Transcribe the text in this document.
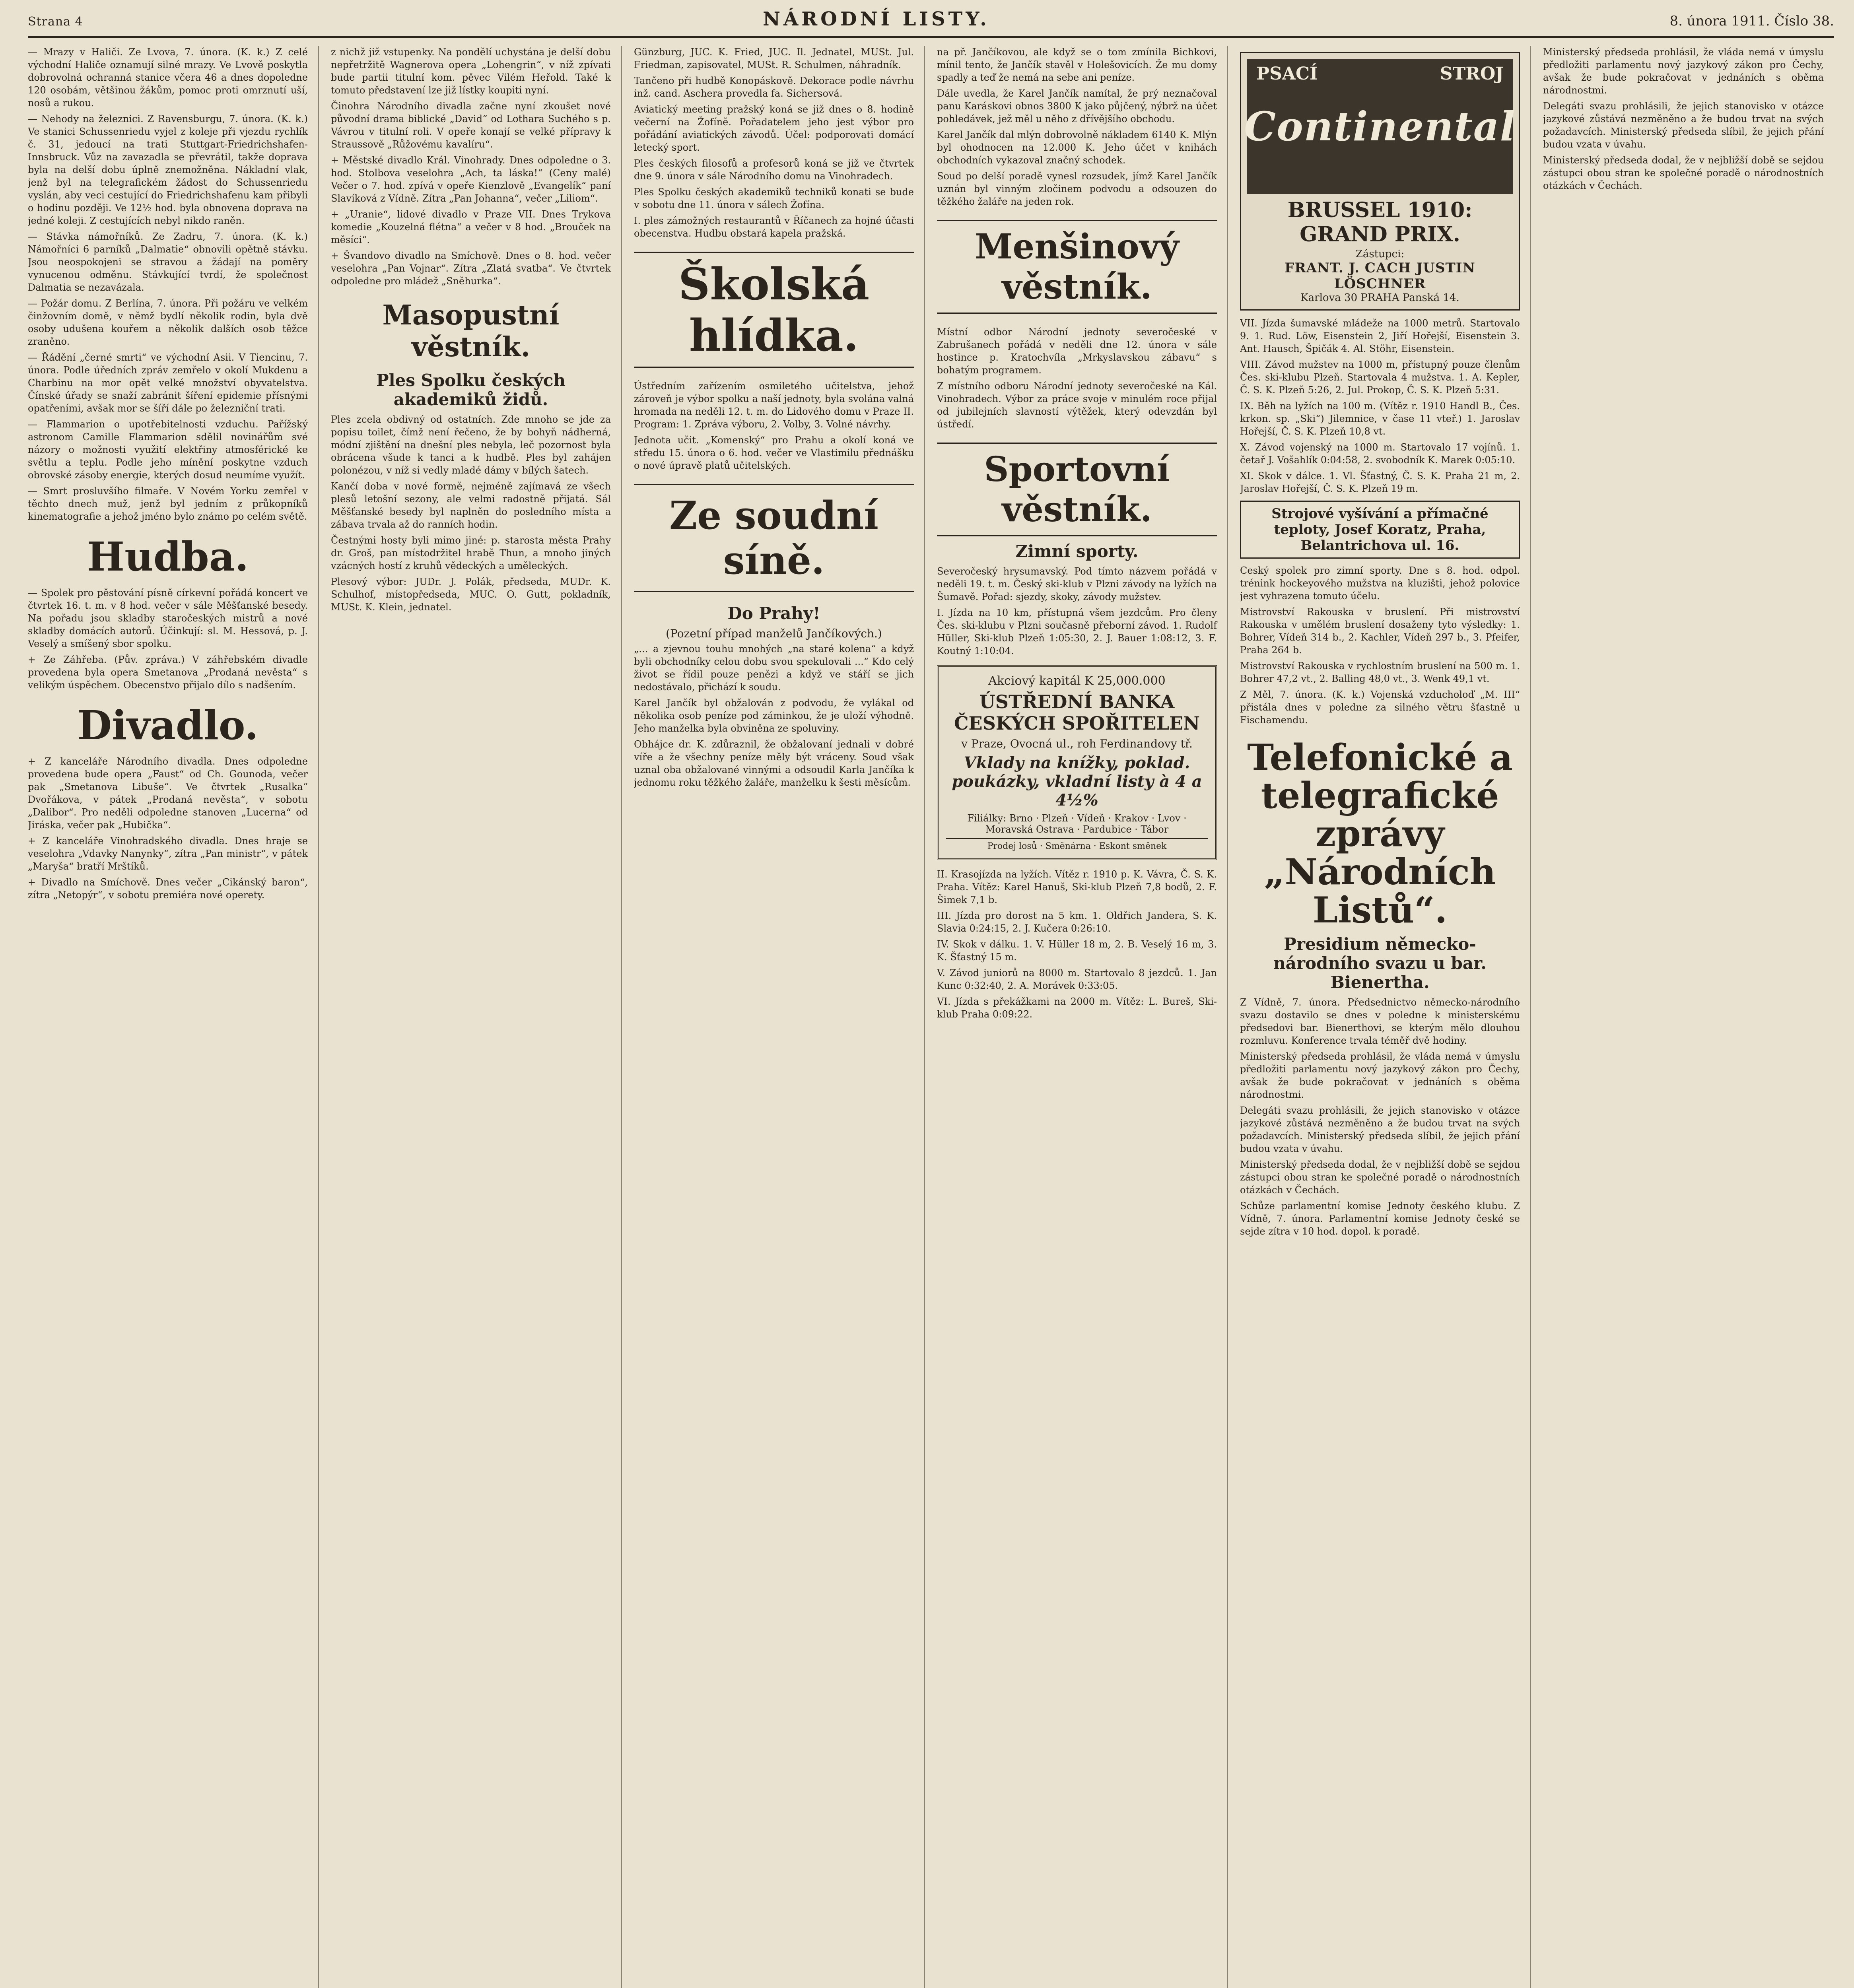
Strana 4	NÁRODNÍ LISTY.	8. února 1911. Číslo 38.

— Mrazy v Haliči. Ze Lvova, 7. února. (K. k.) Z celé východní Haliče oznamují silné mrazy. Ve Lvově poskytla dobrovolná ochranná stanice včera 46 a dnes dopoledne 120 osobám, většinou žákům, pomoc proti omrznutí uší, nosů a rukou.

— Nehody na železnici. Z Ravensburgu, 7. února. (K. k.) Ve stanici Schussenriedu vyjel z koleje při vjezdu rychlík č. 31, jedoucí na trati Stuttgart-Friedrichshafen-Innsbruck. Vůz na zavazadla se převrátil, takže doprava byla na delší dobu úplně znemožněna. Nákladní vlak, jenž byl na telegrafickém žádost do Schussenriedu vyslán, aby veci cestující do Friedrichshafenu kam přibyli o hodinu později. Ve 12½ hod. byla obnovena doprava na jedné koleji. Z cestujících nebyl nikdo raněn.

— Stávka námořníků. Ze Zadru, 7. února. (K. k.) Námořníci 6 parníků „Dalmatie“ obnovili opětně stávku. Jsou neospokojeni se stravou a žádají na poměry vynucenou odměnu. Stávkující tvrdí, že společnost Dalmatia se nezavázala.

— Požár domu. Z Berlína, 7. února. Při požáru ve velkém činžovním domě, v němž bydlí několik rodin, byla dvě osoby udušena kouřem a několik dalších osob těžce zraněno.

— Řádění „černé smrti“ ve východní Asii. V Tiencinu, 7. února. Podle úředních zpráv zemřelo v okolí Mukdenu a Charbinu na mor opět velké množství obyvatelstva. Čínské úřady se snaží zabránit šíření epidemie přísnými opatřeními, avšak mor se šíří dále po železniční trati.

— Flammarion o upotřebitelnosti vzduchu. Pařížský astronom Camille Flammarion sdělil novinářům své názory o možnosti využití elektřiny atmosférické ke světlu a teplu. Podle jeho mínění poskytne vzduch obrovské zásoby energie, kterých dosud neumíme využít.

— Smrt prosluvšího filmaře. V Novém Yorku zemřel v těchto dnech muž, jenž byl jedním z průkopníků kinematografie a jehož jméno bylo známo po celém světě.

Hudba.

— Spolek pro pěstování písně církevní pořádá koncert ve čtvrtek 16. t. m. v 8 hod. večer v sále Měšťanské besedy. Na pořadu jsou skladby staročeských mistrů a nové skladby domácích autorů. Účinkují: sl. M. Hessová, p. J. Veselý a smíšený sbor spolku.

+ Ze Záhřeba. (Pův. zpráva.) V záhřebském divadle provedena byla opera Smetanova „Prodaná nevěsta“ s velikým úspěchem. Obecenstvo přijalo dílo s nadšením.

Divadlo.

+ Z kanceláře Národního divadla. Dnes odpoledne provedena bude opera „Faust“ od Ch. Gounoda, večer pak „Smetanova Libuše“. Ve čtvrtek „Rusalka“ Dvořákova, v pátek „Prodaná nevěsta“, v sobotu „Dalibor“. Pro neděli odpoledne stanoven „Lucerna“ od Jiráska, večer pak „Hubička“.

+ Z kanceláře Vinohradského divadla. Dnes hraje se veselohra „Vdavky Nanynky“, zítra „Pan ministr“, v pátek „Maryša“ bratří Mrštíků.

+ Divadlo na Smíchově. Dnes večer „Cikánský baron“, zítra „Netopýr“, v sobotu premiéra nové operety.

z nichž již vstupenky. Na pondělí uchystána je delší dobu nepřetržitě Wagnerova opera „Lohengrin“, v níž zpívati bude partii titulní kom. pěvec Vilém Heřold. Také k tomuto představení lze již lístky koupiti nyní.

Činohra Národního divadla začne nyní zkoušet nové původní drama biblické „David“ od Lothara Suchého s p. Vávrou v titulní roli. V opeře konají se velké přípravy k Straussově „Růžovému kavalíru“.

+ Městské divadlo Král. Vinohrady. Dnes odpoledne o 3. hod. Stolbova veselohra „Ach, ta láska!“ (Ceny malé) Večer o 7. hod. zpívá v opeře Kienzlově „Evangelík“ paní Slavíková z Vídně. Zítra „Pan Johanna“, večer „Liliom“.

+ „Uranie“, lidové divadlo v Praze VII. Dnes Trykova komedie „Kouzelná flétna“ a večer v 8 hod. „Brouček na měsíci“.

+ Švandovo divadlo na Smíchově. Dnes o 8. hod. večer veselohra „Pan Vojnar“. Zítra „Zlatá svatba“. Ve čtvrtek odpoledne pro mládež „Sněhurka“.

Masopustní věstník.
Ples Spolku českých akademiků židů.

Ples zcela obdivný od ostatních. Zde mnoho se jde za popisu toilet, čímž není řečeno, že by bohyň nádherná, módní zjištění na dnešní ples nebyla, leč pozornost byla obrácena všude k tanci a k hudbě. Ples byl zahájen polonézou, v níž si vedly mladé dámy v bílých šatech.

Kančí doba v nové formě, nejméně zajímavá ze všech plesů letošní sezony, ale velmi radostně přijatá. Sál Měšťanské besedy byl naplněn do posledního místa a zábava trvala až do ranních hodin.

Čestnými hosty byli mimo jiné: p. starosta města Prahy dr. Groš, pan místodržitel hrabě Thun, a mnoho jiných vzácných hostí z kruhů vědeckých a uměleckých.

Plesový výbor: JUDr. J. Polák, předseda, MUDr. K. Schulhof, místopředseda, MUC. O. Gutt, pokladník, MUSt. K. Klein, jednatel.

Günzburg, JUC. K. Fried, JUC. Il. Jednatel, MUSt. Jul. Friedman, zapisovatel, MUSt. R. Schulmen, náhradník.

Tančeno při hudbě Konopáskově. Dekorace podle návrhu inž. cand. Aschera provedla fa. Sichersová.

Aviatický meeting pražský koná se již dnes o 8. hodině večerní na Žofíně. Pořadatelem jeho jest výbor pro pořádání aviatických závodů. Účel: podporovati domácí letecký sport.

Ples českých filosofů a profesorů koná se již ve čtvrtek dne 9. února v sále Národního domu na Vinohradech.

Ples Spolku českých akademiků techniků konati se bude v sobotu dne 11. února v sálech Žofína.

I. ples zámožných restaurantů v Říčanech za hojné účasti obecenstva. Hudbu obstará kapela pražská.

Školská hlídka.

Ústředním zařízením osmiletého učitelstva, jehož zároveň je výbor spolku a naší jednoty, byla svolána valná hromada na neděli 12. t. m. do Lidového domu v Praze II. Program: 1. Zpráva výboru, 2. Volby, 3. Volné návrhy.

Jednota učit. „Komenský“ pro Prahu a okolí koná ve středu 15. února o 6. hod. večer ve Vlastimilu přednášku o nové úpravě platů učitelských.

Ze soudní síně.
Do Prahy!

(Pozetní případ manželů Jančíkových.)

„... a zjevnou touhu mnohých „na staré kolena“ a když byli obchodníky celou dobu svou spekulovali ...“ Kdo celý život se řídil pouze penězi a když ve stáří se jich nedostávalo, přichází k soudu.

Karel Jančík byl obžalován z podvodu, že vylákal od několika osob peníze pod záminkou, že je uloží výhodně. Jeho manželka byla obviněna ze spoluviny.

Obhájce dr. K. zdůraznil, že obžalovaní jednali v dobré víře a že všechny peníze měly být vráceny. Soud však uznal oba obžalované vinnými a odsoudil Karla Jančíka k jednomu roku těžkého žaláře, manželku k šesti měsícům.

na př. Jančíkovou, ale když se o tom zmínila Bichkovi, mínil tento, že Jančík stavěl v Holešovicích. Že mu domy spadly a teď že nemá na sebe ani peníze.

Dále uvedla, že Karel Jančík namítal, že prý neznačoval panu Karáskovi obnos 3800 K jako půjčený, nýbrž na účet pohledávek, jež měl u něho z dřívějšího obchodu.

Karel Jančík dal mlýn dobrovolně nákladem 6140 K. Mlýn byl ohodnocen na 12.000 K. Jeho účet v knihách obchodních vykazoval značný schodek.

Soud po delší poradě vynesl rozsudek, jímž Karel Jančík uznán byl vinným zločinem podvodu a odsouzen do těžkého žaláře na jeden rok.

Menšinový věstník.

Místní odbor Národní jednoty severočeské v Zabrušanech pořádá v neděli dne 12. února v sále hostince p. Kratochvíla „Mrkyslavskou zábavu“ s bohatým programem.

Z místního odboru Národní jednoty severočeské na Kál. Vinohradech. Výbor za práce svoje v minulém roce přijal od jubilejních slavností výtěžek, který odevzdán byl ústředí.

Sportovní věstník.
Zimní sporty.

Severočeský hrysumavský. Pod tímto názvem pořádá v neděli 19. t. m. Český ski-klub v Plzni závody na lyžích na Šumavě. Pořad: sjezdy, skoky, závody mužstev.

I. Jízda na 10 km, přístupná všem jezdcům. Pro členy Čes. ski-klubu v Plzni současně přeborní závod. 1. Rudolf Hüller, Ski-klub Plzeň 1:05:30, 2. J. Bauer 1:08:12, 3. F. Koutný 1:10:04.

Akciový kapitál K 25,000.000
ÚSTŘEDNÍ BANKA ČESKÝCH SPOŘITELEN
v Praze, Ovocná ul., roh Ferdinandovy tř.
Vklady na knížky, poklad. poukázky, vkladní listy à 4 a 4½%
Filiálky: Brno · Plzeň · Vídeň · Krakov · Lvov · Moravská Ostrava · Pardubice · Tábor
Prodej losů · Směnárna · Eskont směnek

II. Krasojízda na lyžích. Vítěz r. 1910 p. K. Vávra, Č. S. K. Praha. Vítěz: Karel Hanuš, Ski-klub Plzeň 7,8 bodů, 2. F. Šimek 7,1 b.

III. Jízda pro dorost na 5 km. 1. Oldřich Jandera, S. K. Slavia 0:24:15, 2. J. Kučera 0:26:10.

IV. Skok v dálku. 1. V. Hüller 18 m, 2. B. Veselý 16 m, 3. K. Šťastný 15 m.

V. Závod juniorů na 8000 m. Startovalo 8 jezdců. 1. Jan Kunc 0:32:40, 2. A. Morávek 0:33:05.

VI. Jízda s překážkami na 2000 m. Vítěz: L. Bureš, Ski-klub Praha 0:09:22.

PSACÍ	STROJ
Continental
BRUSSEL 1910: GRAND PRIX.
Zástupci:
FRANT. J. CACH JUSTIN LÖSCHNER
Karlova 30 PRAHA Panská 14.

VII. Jízda šumavské mládeže na 1000 metrů. Startovalo 9. 1. Rud. Löw, Eisenstein 2, Jiří Hořejší, Eisenstein 3. Ant. Hausch, Špičák 4. Al. Stöhr, Eisenstein.

VIII. Závod mužstev na 1000 m, přístupný pouze členům Čes. ski-klubu Plzeň. Startovala 4 mužstva. 1. A. Kepler, Č. S. K. Plzeň 5:26, 2. Jul. Prokop, Č. S. K. Plzeň 5:31.

IX. Běh na lyžích na 100 m. (Vítěz r. 1910 Handl B., Čes. krkon. sp. „Ski“) Jilemnice, v čase 11 vteř.) 1. Jaroslav Hořejší, Č. S. K. Plzeň 10,8 vt.

X. Závod vojenský na 1000 m. Startovalo 17 vojínů. 1. četař J. Vošahlík 0:04:58, 2. svobodník K. Marek 0:05:10.

XI. Skok v dálce. 1. Vl. Šťastný, Č. S. K. Praha 21 m, 2. Jaroslav Hořejší, Č. S. K. Plzeň 19 m.

Strojové vyšívání a přímačné teploty, Josef Koratz, Praha, Belantrichova ul. 16.

Ceský spolek pro zimní sporty. Dne s 8. hod. odpol. trénink hockeyového mužstva na kluzišti, jehož polovice jest vyhrazena tomuto účelu.

Mistrovství Rakouska v bruslení. Při mistrovství Rakouska v umělém bruslení dosaženy tyto výsledky: 1. Bohrer, Vídeň 314 b., 2. Kachler, Vídeň 297 b., 3. Pfeifer, Praha 264 b.

Mistrovství Rakouska v rychlostním bruslení na 500 m. 1. Bohrer 47,2 vt., 2. Balling 48,0 vt., 3. Wenk 49,1 vt.

Z Měl, 7. února. (K. k.) Vojenská vzducholoď „M. III“ přistála dnes v poledne za silného větru šťastně u Fischamendu.

Telefonické a telegrafické zprávy „Národních Listů“.
Presidium německo-národního svazu u bar. Bienertha.

Z Vídně, 7. února. Předsednictvo německo-národního svazu dostavilo se dnes v poledne k ministerskému předsedovi bar. Bienerthovi, se kterým mělo dlouhou rozmluvu. Konference trvala téměř dvě hodiny.

Ministerský předseda prohlásil, že vláda nemá v úmyslu předložiti parlamentu nový jazykový zákon pro Čechy, avšak že bude pokračovat v jednáních s oběma národnostmi.

Delegáti svazu prohlásili, že jejich stanovisko v otázce jazykové zůstává nezměněno a že budou trvat na svých požadavcích. Ministerský předseda slíbil, že jejich přání budou vzata v úvahu.

Ministerský předseda dodal, že v nejbližší době se sejdou zástupci obou stran ke společné poradě o národnostních otázkách v Čechách.

Schůze parlamentní komise Jednoty českého klubu. Z Vídně, 7. února. Parlamentní komise Jednoty české se sejde zítra v 10 hod. dopol. k poradě.

Ministerský předseda prohlásil, že vláda nemá v úmyslu předložiti parlamentu nový jazykový zákon pro Čechy, avšak že bude pokračovat v jednáních s oběma národnostmi.

Delegáti svazu prohlásili, že jejich stanovisko v otázce jazykové zůstává nezměněno a že budou trvat na svých požadavcích. Ministerský předseda slíbil, že jejich přání budou vzata v úvahu.

Ministerský předseda dodal, že v nejbližší době se sejdou zástupci obou stran ke společné poradě o národnostních otázkách v Čechách.
